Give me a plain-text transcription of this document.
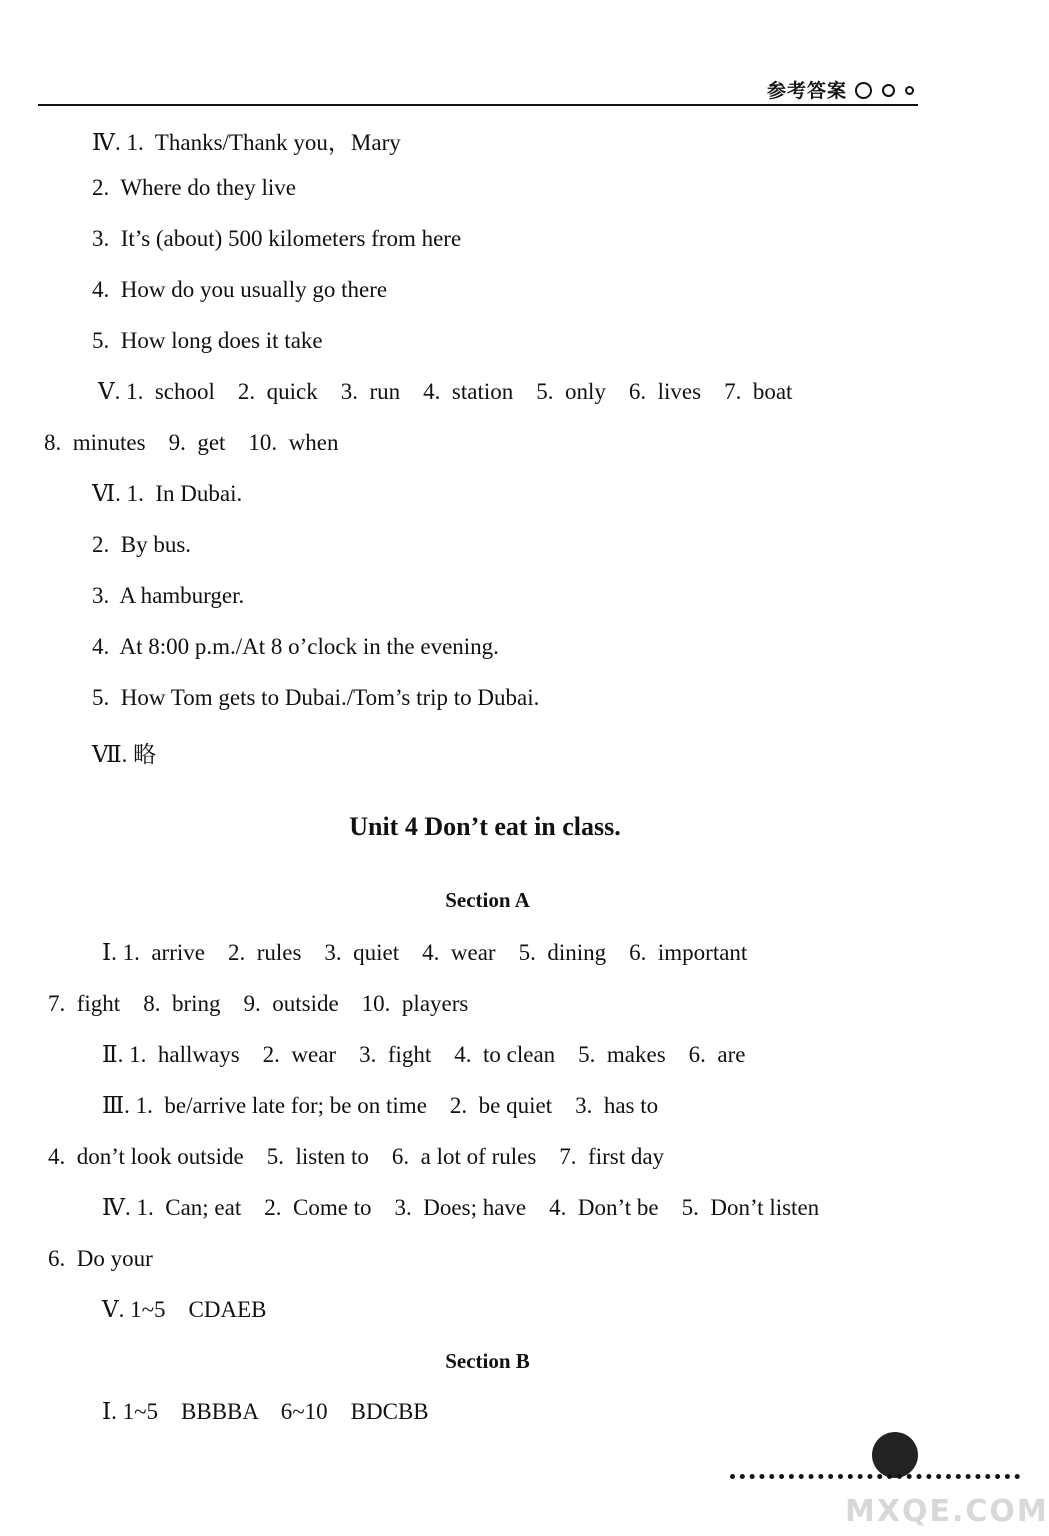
参考答案
Ⅳ. 1.  Thanks/Thank you，Mary
2.  Where do they live
3.  It’s (about) 500 kilometers from here
4.  How do you usually go there
5.  How long does it take
Ⅴ. 1.  school    2.  quick    3.  run    4.  station    5.  only    6.  lives    7.  boat
8.  minutes    9.  get    10.  when
Ⅵ. 1.  In Dubai.
2.  By bus.
3.  A hamburger.
4.  At 8:00 p.m./At 8 o’clock in the evening.
5.  How Tom gets to Dubai./Tom’s trip to Dubai.
Ⅶ. 略
Unit 4 Don’t eat in class.
Section A
Ⅰ. 1.  arrive    2.  rules    3.  quiet    4.  wear    5.  dining    6.  important
7.  fight    8.  bring    9.  outside    10.  players
Ⅱ. 1.  hallways    2.  wear    3.  fight    4.  to clean    5.  makes    6.  are
Ⅲ. 1.  be/arrive late for; be on time    2.  be quiet    3.  has to
4.  don’t look outside    5.  listen to    6.  a lot of rules    7.  first day
Ⅳ. 1.  Can; eat    2.  Come to    3.  Does; have    4.  Don’t be    5.  Don’t listen
6.  Do your
Ⅴ. 1~5    CDAEB
Section B
Ⅰ. 1~5    BBBBA    6~10    BDCBB
MXQE.COM
